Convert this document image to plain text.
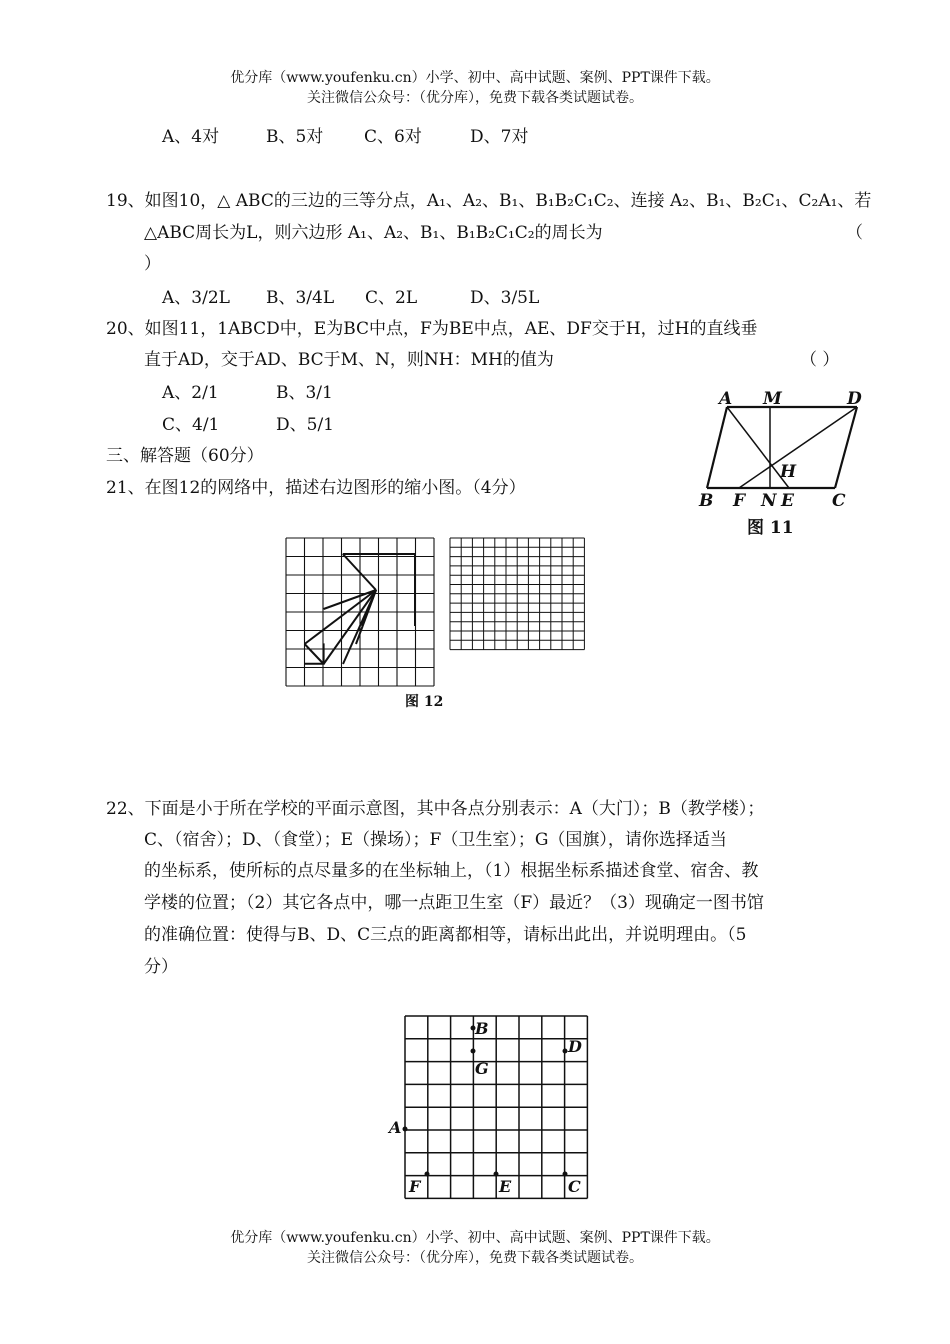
优分库（www.youfenku.cn）小学、初中、高中试题、案例、PPT课件下载。
关注微信公众号：（优分库），免费下载各类试题试卷。
A、4对	B、5对 C、6对	D、7对
19、如图10，△ ABC的三边的三等分点，A₁、A₂、B₁、B₁B₂C₁C₂、连接 A₂、B₁、B₂C₁、C₂A₁、若
△ABC周长为L，则六边形 A₁、A₂、B₁、B₁B₂C₁C₂的周长为	（
）
A、3/2L B、3/4L C、2L	D、3/5L
20、如图11，1ABCD中，E为BC中点，F为BE中点，AE、DF交于H，过H的直线垂
直于AD，交于AD、BC于M、N，则NH：MH的值为	（ ）
A、2/1	B、3/1
C、4/1	D、5/1
三、解答题（60分）
21、在图12的网络中，描述右边图形的缩小图。（4分）
A M	D
H
B F N E C
图 11
图 12
22、下面是小于所在学校的平面示意图，其中各点分别表示：A（大门）；B（教学楼）；
C、（宿舍）；D、（食堂）；E（操场）；F（卫生室）；G（国旗），请你选择适当
的坐标系，使所标的点尽量多的在坐标轴上，（1）根据坐标系描述食堂、宿舍、教
学楼的位置；（2）其它各点中，哪一点距卫生室（F）最近？（3）现确定一图书馆
的准确位置：使得与B、D、C三点的距离都相等，请标出此出，并说明理由。（5
分）
B
G
D
A
F	E	C
优分库（www.youfenku.cn）小学、初中、高中试题、案例、PPT课件下载。
关注微信公众号：（优分库），免费下载各类试题试卷。
